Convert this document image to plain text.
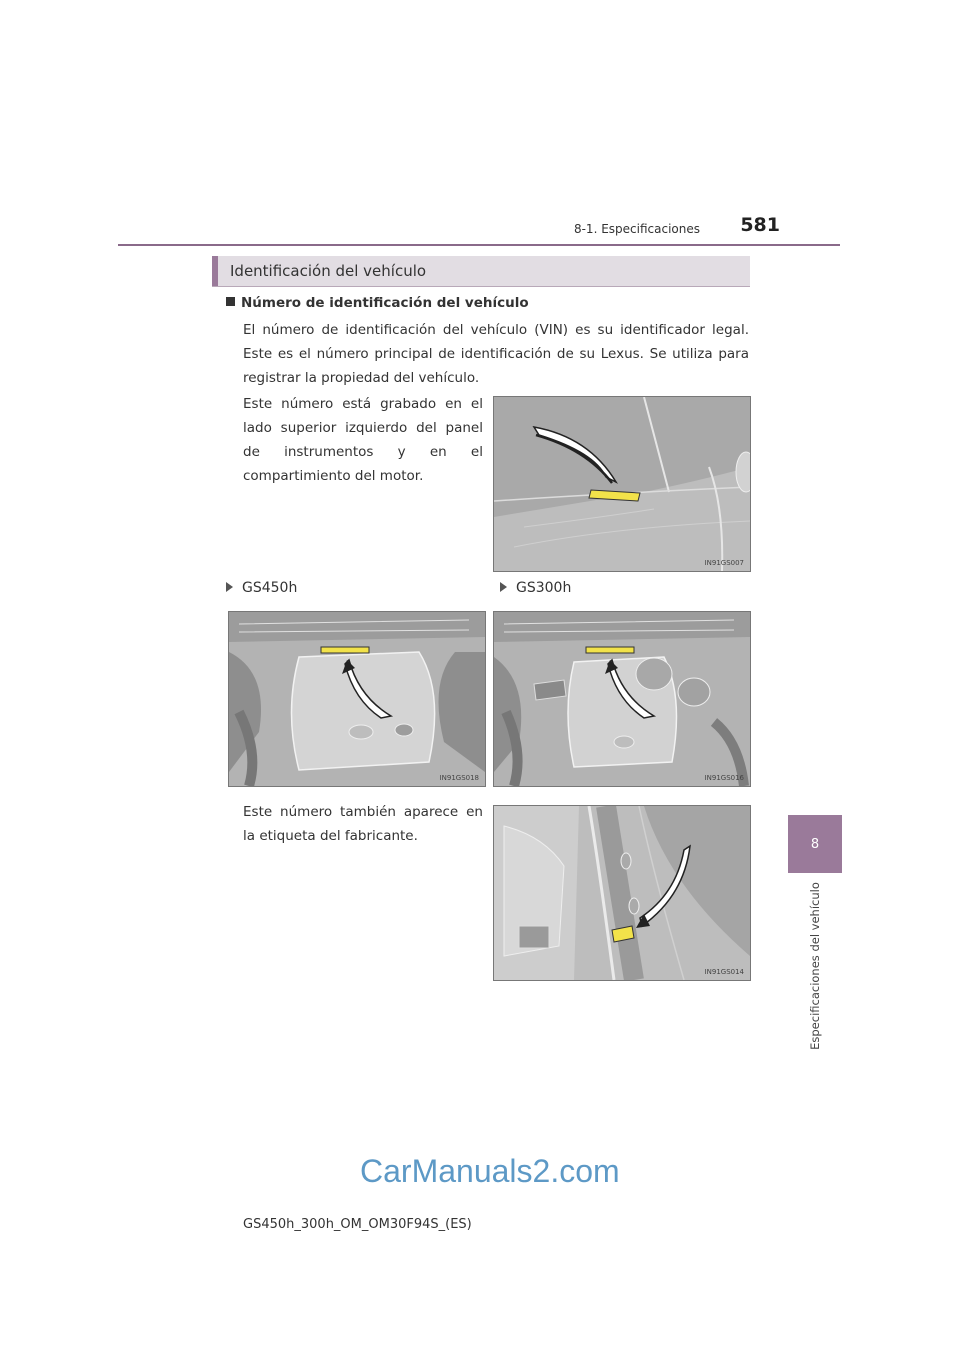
8-1. Especificaciones	581
8
Especificaciones del vehículo
Identificación del vehículo
Número de identificación del vehículo
El número de identificación del vehículo (VIN) es su identificador legal. Este es el número principal de identificación de su Lexus. Se utiliza para registrar la propiedad del vehículo.
Este número está grabado en el lado superior izquierdo del panel de instrumentos y en el compartimiento del motor.
IN91GS007
GS450h	GS300h
IN91GS018	IN91GS016
Este número también aparece en la etiqueta del fabricante.
IN91GS014
CarManuals2.com
GS450h_300h_OM_OM30F94S_(ES)
